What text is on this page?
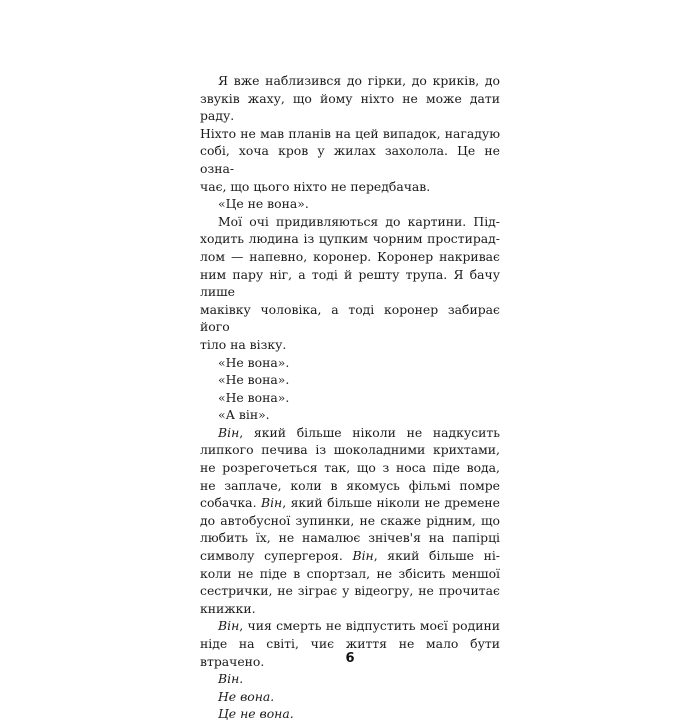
Я вже наблизився до гірки, до криків, до
звуків жаху, що йому ніхто не може дати раду.
Ніхто не мав планів на цей випадок, нагадую
собі, хоча кров у жилах захолола. Це не озна-
чає, що цього ніхто не передбачав.

«Це не вона».

Мої очі придивляються до картини. Під-
ходить людина із цупким чорним простирад-
лом — напевно, коронер. Коронер накриває
ним пару ніг, а тоді й решту трупа. Я бачу лише
маківку чоловіка, а тоді коронер забирає його
тіло на візку.

«Не вона».

«Не вона».

«Не вона».

«А він».

Він, який більше ніколи не надкусить
липкого печива із шоколадними крихтами,
не розрегочеться так, що з носа піде вода,
не заплаче, коли в якомусь фільмі помре
собачка. Він, який більше ніколи не дремене
до автобусної зупинки, не скаже рідним, що
любить їх, не намалює знічев'я на папірці
символу супергероя. Він, який більше ні-
коли не піде в спортзал, не збісить меншої
сестрички, не зіграє у відеогру, не прочитає
книжки.

Він, чия смерть не відпустить моєї родини
ніде на світі, чиє життя не мало бути втрачено.

Він.

Не вона.

Це не вона.

6
